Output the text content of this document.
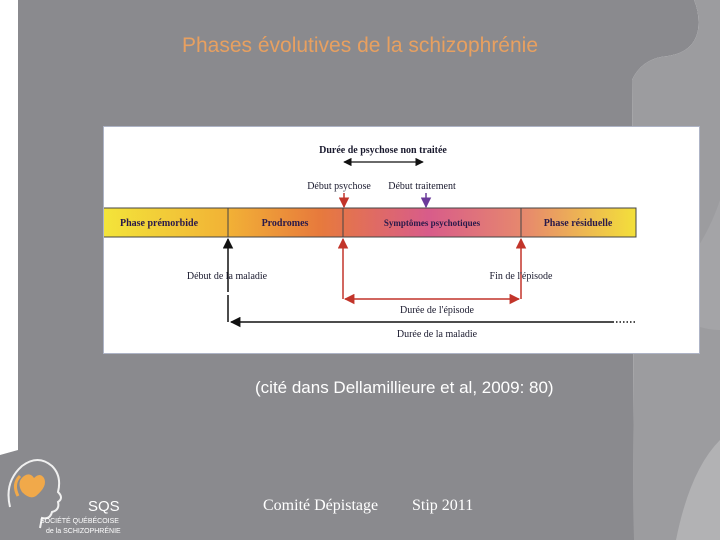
Phases évolutives de la schizophrénie
Durée de psychose non traitée
Début psychose Début traitement
Phase prémorbide	Prodromes	Symptômes psychotiques	Phase résiduelle
Début de la maladie	Fin de l'épisode
Durée de l'épisode
Durée de la maladie
(cité dans Dellamillieure et al, 2009: 80)
Comité Dépistage Stip 2011
SQS
SOCIÉTÉ QUÉBÉCOISE
de la SCHIZOPHRÉNIE
